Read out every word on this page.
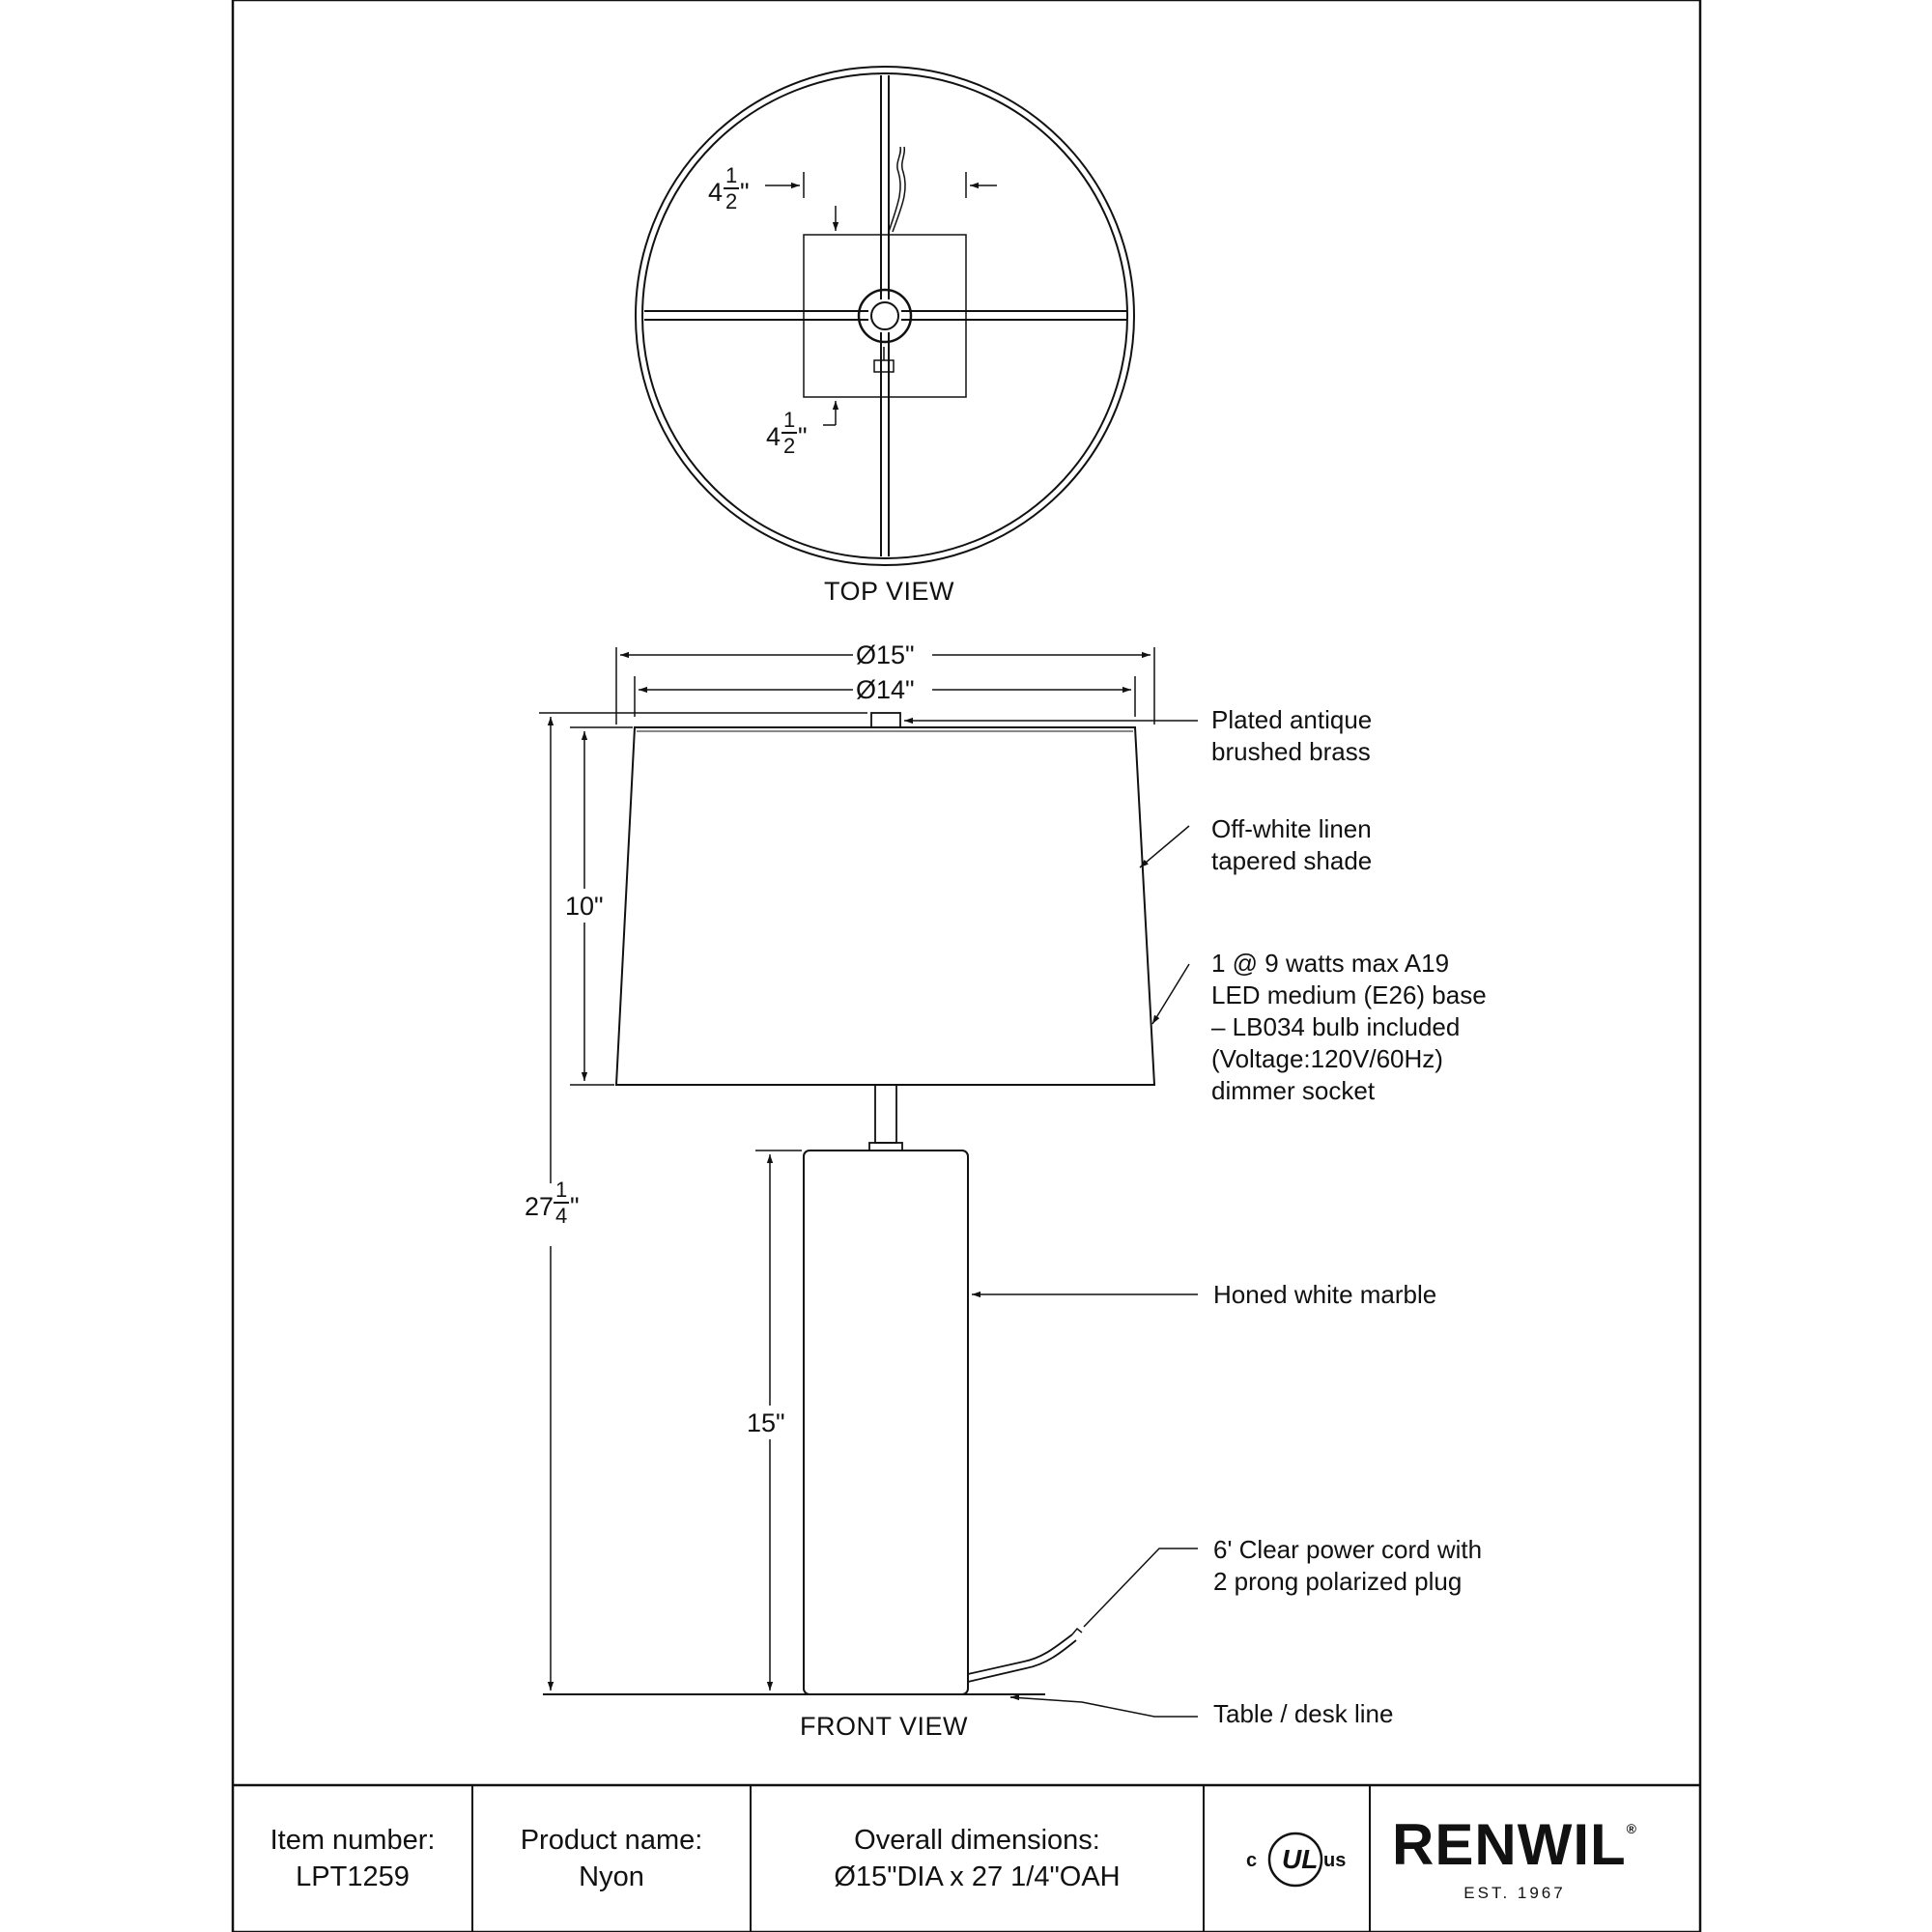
4
1
2 "
4
1
2 "
TOP VIEW
Ø15"
Ø14"
10"
15"
27
1
4 "
FRONT VIEW
Plated antique
brushed brass
Off-white linen
tapered shade
1 @ 9 watts max A19
LED medium (E26) base
– LB034 bulb included
(Voltage:120V/60Hz)
dimmer socket
Honed white marble
6' Clear power cord with
2 prong polarized plug
Table / desk line
Item number:
LPT1259
Product name:
Nyon
Overall dimensions:
Ø15"DIA x 27 1/4"OAH
c UL us RENWIL®
EST. 1967
